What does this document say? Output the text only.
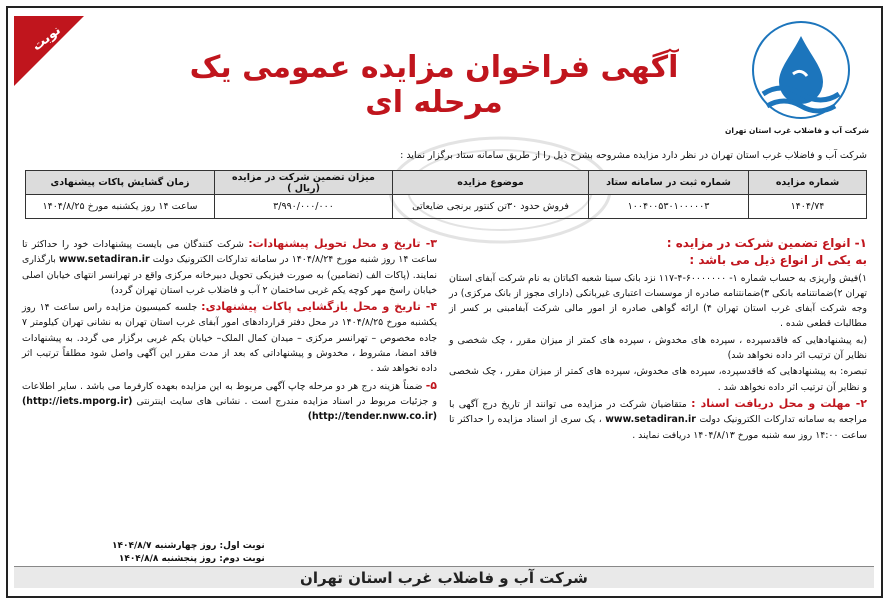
شرکت آب و فاضلاب غرب استان تهران
نوبت اول	آگهی فراخوان مزایده عمومی یک مرحله ای
شرکت آب و فاضلاب غرب استان تهران در نظر دارد مزایده مشروحه بشرح ذیل را از طریق سامانه ستاد برگزار نماید :
شماره مزایده	شماره ثبت در سامانه ستاد	موضوع مزایده	میزان تضمین شرکت در مزایده (ریال )	زمان گشایش پاکات پیشنهادی
۱۴۰۴/۷۴	۱۰۰۴۰۰۵۳۰۱۰۰۰۰۰۳	فروش حدود ۳۰تن کنتور برنجی ضایعاتی	۳/۹۹۰/۰۰۰/۰۰۰	ساعت ۱۴ روز یکشنبه مورخ ۱۴۰۴/۸/۲۵

۱- انواع تضمین شرکت در مزایده :

به یکی از انواع ذیل می باشد :

۱)فیش واریزی به حساب شماره ۱- ۶۰۰۰۰۰۰۰-۴-۱۱۷ نزد بانک سینا شعبه اکباتان به نام شرکت آبفای استان تهران ۲)ضمانتنامه بانکی ۳)ضمانتنامه صادره از موسسات اعتباری غیربانکی (دارای مجوز از بانک مرکزی) در وجه شرکت آبفای غرب استان تهران ۴) ارائه گواهی صادره از امور مالی شرکت آبفامبنی بر کسر از مطالبات قطعی شده .

(به پیشنهادهایی که فاقدسپرده ، سپرده های مخدوش ، سپرده های کمتر از میزان مقرر ، چک شخصی و نظایر آن ترتیب اثر داده نخواهد شد)

تبصره: به پیشنهادهایی که فاقدسپرده، سپرده های مخدوش، سپرده های کمتر از میزان مقرر ، چک شخصی و نظایر آن ترتیب اثر داده نخواهد شد .

۲- مهلت و محل دریافت اسناد : متقاضیان شرکت در مزایده می توانند از تاریخ درج آگهی با مراجعه به سامانه تدارکات الکترونیک دولت www.setadiran.ir ، یک سری از اسناد مزایده را حداکثر تا ساعت ۱۴:۰۰ روز سه شنبه مورخ ۱۴۰۴/۸/۱۳ دریافت نمایند .

۳- تاریخ و محل تحویل پیشنهادات: شرکت کنندگان می بایست پیشنهادات خود را حداکثر تا ساعت ۱۴ روز شنبه مورخ ۱۴۰۴/۸/۲۴ در سامانه تدارکات الکترونیک دولت www.setadiran.ir بارگذاری نمایند. (پاکات الف (تضامین) به صورت فیزیکی تحویل دبیرخانه مرکزی واقع در تهرانسر انتهای خیابان اصلی خیابان راسخ مهر کوچه یکم غربی ساختمان ۲ آب و فاضلاب غرب استان تهران گردد)

۴- تاریخ و محل بازگشایی پاکات پیشنهادی: جلسه کمیسیون مزایده راس ساعت ۱۴ روز یکشنبه مورخ ۱۴۰۴/۸/۲۵ در محل دفتر قراردادهای امور آبفای غرب استان تهران به نشانی تهران کیلومتر ۷ جاده مخصوص – تهرانسر مرکزی – میدان کمال الملک– خیابان یکم غربی برگزار می گردد. به پیشنهادات فاقد امضا، مشروط ، مخدوش و پیشنهاداتی که بعد از مدت مقرر این آگهی واصل شود مطلقاً ترتیب اثر داده نخواهد شد .

۵- ضمناً هزینه درج هر دو مرحله چاپ آگهی مربوط به این مزایده بعهده کارفرما می باشد . سایر اطلاعات و جزئیات مربوط در اسناد مزایده مندرج است . نشانی های سایت اینترنتی (http://iets.mporg.ir) (http://tender.nww.co.ir)

نوبت اول: روز چهارشنبه ۱۴۰۴/۸/۷
نوبت دوم: روز پنجشنبه ۱۴۰۴/۸/۸
شرکت آب و فاضلاب غرب استان تهران
